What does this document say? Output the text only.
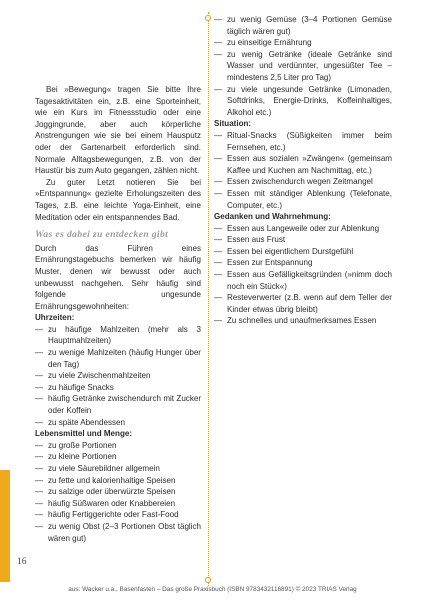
Bei »Bewegung« tragen Sie bitte Ihre Tagesaktivitäten ein, z.B. eine Sporteinheit, wie ein Kurs im Fitnessstudio oder eine Joggingrunde, aber auch körperliche Anstrengungen wie sie bei einem Hausputz oder der Gartenarbeit erforderlich sind. Normale Alltagsbewegungen, z.B. von der Haustür bis zum Auto gegangen, zählen nicht.

Zu guter Letzt notieren Sie bei »Entspannung« gezielte Erholungszeiten des Tages, z.B. eine leichte Yoga-Einheit, eine Meditation oder ein entspannendes Bad.

Was es dabei zu entdecken gibt

Durch das Führen eines Ernährungstagebuchs bemerken wir häufig Muster, denen wir bewusst oder auch unbewusst nachgehen. Sehr häufig sind folgende ungesunde Ernährungsgewohnheiten:

Uhrzeiten:
— zu häufige Mahlzeiten (mehr als 3 Hauptmahlzeiten)
— zu wenige Mahlzeiten (häufig Hunger über den Tag)
— zu viele Zwischenmahlzeiten
— zu häufige Snacks
— häufig Getränke zwischendurch mit Zucker oder Koffein
— zu späte Abendessen
Lebensmittel und Menge:
— zu große Portionen
— zu kleine Portionen
— zu viele Säurebildner allgemein
— zu fette und kalorienhaltige Speisen
— zu salzige oder überwürzte Speisen
— häufig Süßwaren oder Knabbereien
— häufig Fertiggerichte oder Fast-Food
— zu wenig Obst (2–3 Portionen Obst täglich wären gut)
— zu wenig Gemüse (3–4 Portionen Gemüse täglich wären gut)
— zu einseitige Ernährung
— zu wenig Getränke (ideale Getränke sind Wasser und verdünnter, ungesüßter Tee – mindestens 2,5 Liter pro Tag)
— zu viele ungesunde Getränke (Limonaden, Softdrinks, Energie-Drinks, Koffeinhaltiges, Alkohol etc.)
Situation:
— Ritual-Snacks (Süßigkeiten immer beim Fernsehen, etc.)
— Essen aus sozialen »Zwängen« (gemeinsam Kaffee und Kuchen am Nachmittag, etc.)
— Essen zwischendurch wegen Zeitmangel
— Essen mit ständiger Ablenkung (Telefonate, Computer, etc.)
Gedanken und Wahrnehmung:
— Essen aus Langeweile oder zur Ablenkung
— Essen aus Frust
— Essen bei eigentlichem Durstgefühl
— Essen zur Entspannung
— Essen aus Gefälligkeitsgründen (»nimm doch noch ein Stück«)
— Resteverwerter (z.B. wenn auf dem Teller der Kinder etwas übrig bleibt)
— Zu schnelles und unaufmerksames Essen
16
aus: Wacker u.a., Basenfasten – Das große Praxisbuch (ISBN 9783432116891) © 2023 TRIAS Verlag
